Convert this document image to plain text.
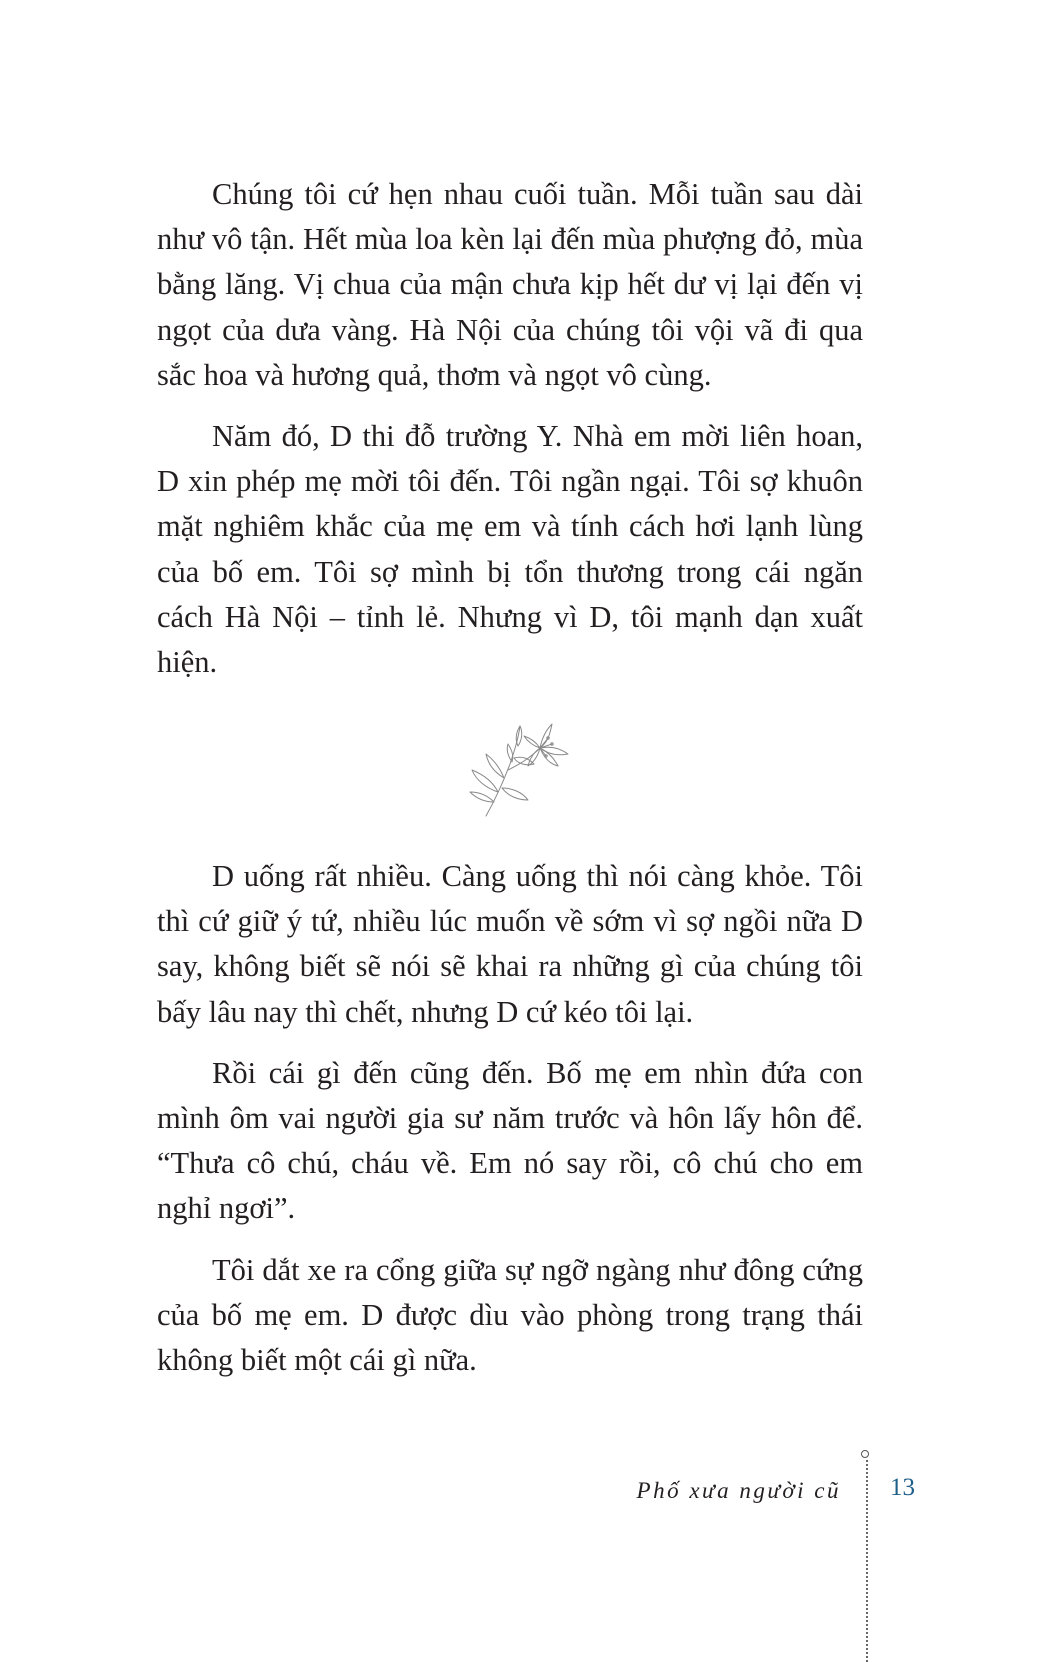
Chúng tôi cứ hẹn nhau cuối tuần. Mỗi tuần sau dài như vô tận. Hết mùa loa kèn lại đến mùa phượng đỏ, mùa bằng lăng. Vị chua của mận chưa kịp hết dư vị lại đến vị ngọt của dưa vàng. Hà Nội của chúng tôi vội vã đi qua sắc hoa và hương quả, thơm và ngọt vô cùng.

Năm đó, D thi đỗ trường Y. Nhà em mời liên hoan, D xin phép mẹ mời tôi đến. Tôi ngần ngại. Tôi sợ khuôn mặt nghiêm khắc của mẹ em và tính cách hơi lạnh lùng của bố em. Tôi sợ mình bị tổn thương trong cái ngăn cách Hà Nội – tỉnh lẻ. Nhưng vì D, tôi mạnh dạn xuất hiện.

D uống rất nhiều. Càng uống thì nói càng khỏe. Tôi thì cứ giữ ý tứ, nhiều lúc muốn về sớm vì sợ ngồi nữa D say, không biết sẽ nói sẽ khai ra những gì của chúng tôi bấy lâu nay thì chết, nhưng D cứ kéo tôi lại.

Rồi cái gì đến cũng đến. Bố mẹ em nhìn đứa con mình ôm vai người gia sư năm trước và hôn lấy hôn để. “Thưa cô chú, cháu về. Em nó say rồi, cô chú cho em nghỉ ngơi”.

Tôi dắt xe ra cổng giữa sự ngỡ ngàng như đông cứng của bố mẹ em. D được dìu vào phòng trong trạng thái không biết một cái gì nữa.

Phố xưa người cũ 13
